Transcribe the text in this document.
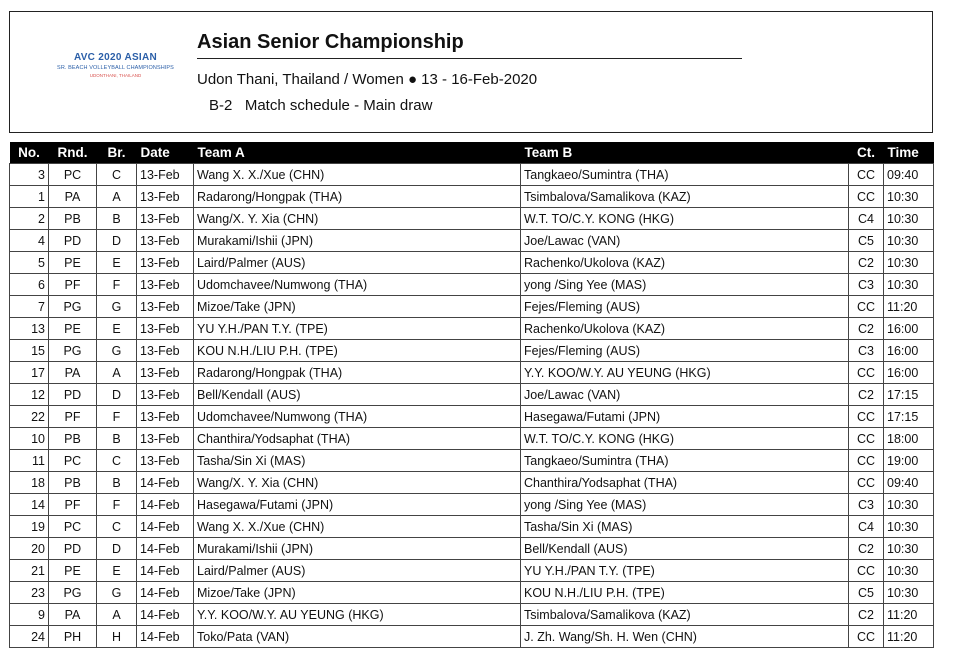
AVC 2020 ASIAN
SR. BEACH VOLLEYBALL CHAMPIONSHIPS
UDONTHANI, THAILAND
Asian Senior Championship
Udon Thani, Thailand / Women ● 13 - 16-Feb-2020
B-2   Match schedule - Main draw
No.	Rnd.	Br.	Date	Team A	Team B	Ct.	Time
3	PC	C	13-Feb	Wang X. X./Xue (CHN)	Tangkaeo/Sumintra (THA)	CC	09:40
1	PA	A	13-Feb	Radarong/Hongpak (THA)	Tsimbalova/Samalikova (KAZ)	CC	10:30
2	PB	B	13-Feb	Wang/X. Y. Xia (CHN)	W.T. TO/C.Y. KONG (HKG)	C4	10:30
4	PD	D	13-Feb	Murakami/Ishii (JPN)	Joe/Lawac (VAN)	C5	10:30
5	PE	E	13-Feb	Laird/Palmer (AUS)	Rachenko/Ukolova (KAZ)	C2	10:30
6	PF	F	13-Feb	Udomchavee/Numwong (THA)	yong /Sing Yee (MAS)	C3	10:30
7	PG	G	13-Feb	Mizoe/Take (JPN)	Fejes/Fleming (AUS)	CC	11:20
13	PE	E	13-Feb	YU Y.H./PAN T.Y. (TPE)	Rachenko/Ukolova (KAZ)	C2	16:00
15	PG	G	13-Feb	KOU N.H./LIU P.H. (TPE)	Fejes/Fleming (AUS)	C3	16:00
17	PA	A	13-Feb	Radarong/Hongpak (THA)	Y.Y. KOO/W.Y. AU YEUNG (HKG)	CC	16:00
12	PD	D	13-Feb	Bell/Kendall (AUS)	Joe/Lawac (VAN)	C2	17:15
22	PF	F	13-Feb	Udomchavee/Numwong (THA)	Hasegawa/Futami (JPN)	CC	17:15
10	PB	B	13-Feb	Chanthira/Yodsaphat (THA)	W.T. TO/C.Y. KONG (HKG)	CC	18:00
11	PC	C	13-Feb	Tasha/Sin Xi (MAS)	Tangkaeo/Sumintra (THA)	CC	19:00
18	PB	B	14-Feb	Wang/X. Y. Xia (CHN)	Chanthira/Yodsaphat (THA)	CC	09:40
14	PF	F	14-Feb	Hasegawa/Futami (JPN)	yong /Sing Yee (MAS)	C3	10:30
19	PC	C	14-Feb	Wang X. X./Xue (CHN)	Tasha/Sin Xi (MAS)	C4	10:30
20	PD	D	14-Feb	Murakami/Ishii (JPN)	Bell/Kendall (AUS)	C2	10:30
21	PE	E	14-Feb	Laird/Palmer (AUS)	YU Y.H./PAN T.Y. (TPE)	CC	10:30
23	PG	G	14-Feb	Mizoe/Take (JPN)	KOU N.H./LIU P.H. (TPE)	C5	10:30
9	PA	A	14-Feb	Y.Y. KOO/W.Y. AU YEUNG (HKG)	Tsimbalova/Samalikova (KAZ)	C2	11:20
24	PH	H	14-Feb	Toko/Pata (VAN)	J. Zh. Wang/Sh. H. Wen (CHN)	CC	11:20
